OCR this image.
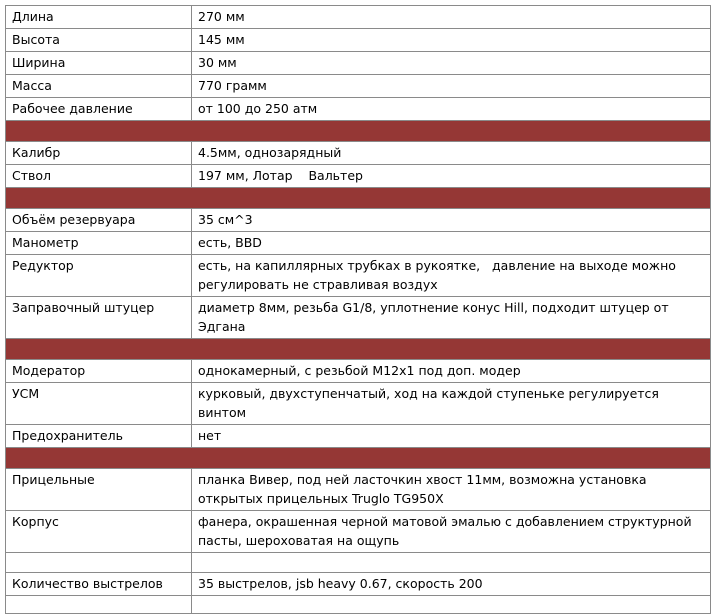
Длина	270 мм
Высота	145 мм
Ширина	30 мм
Масса	770 грамм
Рабочее давление	от 100 до 250 атм

Калибр	4.5мм, однозарядный
Ствол	197 мм, Лотар    Вальтер

Объём резервуара	35 см^3
Манометр	есть, BBD
Редуктор	есть, на капиллярных трубках в рукоятке,   давление на выходе можно регулировать не стравливая воздух
Заправочный штуцер	диаметр 8мм, резьба G1/8, уплотнение конус Hill, подходит штуцер от Эдгана

Модератор	однокамерный, с резьбой M12x1 под доп. модер
УСМ	курковый, двухступенчатый, ход на каждой ступеньке регулируется винтом
Предохранитель	нет

Прицельные	планка Вивер, под ней ласточкин хвост 11мм, возможна установка открытых прицельных Truglo TG950X
Корпус	фанера, окрашенная черной матовой эмалью с добавлением структурной пасты, шероховатая на ощупь

Количество выстрелов	35 выстрелов, jsb heavy 0.67, скорость 200
